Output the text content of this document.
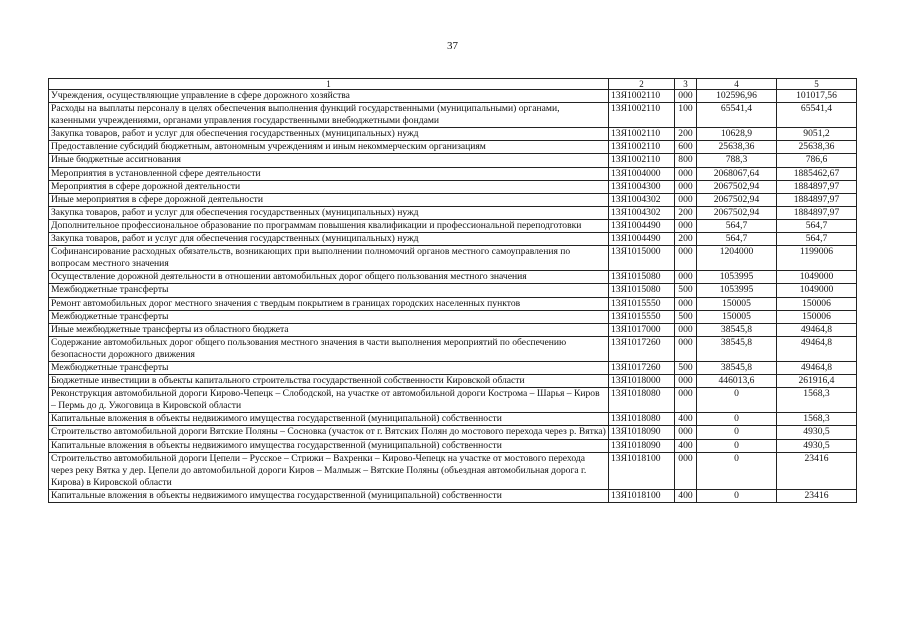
37
1	2	3	4	5
Учреждения, осуществляющие управление в сфере дорожного хозяйства	13Я1002110	000	102596,96	101017,56
Расходы на выплаты персоналу в целях обеспечения выполнения функций государственными (муниципальными) органами, казенными учреждениями, органами управления государственными внебюджетными фондами	13Я1002110	100	65541,4	65541,4
Закупка товаров, работ и услуг для обеспечения государственных (муниципальных) нужд	13Я1002110	200	10628,9	9051,2
Предоставление субсидий бюджетным, автономным учреждениям и иным некоммерческим организациям	13Я1002110	600	25638,36	25638,36
Иные бюджетные ассигнования	13Я1002110	800	788,3	786,6
Мероприятия в установленной сфере деятельности	13Я1004000	000	2068067,64	1885462,67
Мероприятия в сфере дорожной деятельности	13Я1004300	000	2067502,94	1884897,97
Иные мероприятия в сфере дорожной деятельности	13Я1004302	000	2067502,94	1884897,97
Закупка товаров, работ и услуг для обеспечения государственных (муниципальных) нужд	13Я1004302	200	2067502,94	1884897,97
Дополнительное профессиональное образование по программам повышения квалификации и профессиональной переподготовки	13Я1004490	000	564,7	564,7
Закупка товаров, работ и услуг для обеспечения государственных (муниципальных) нужд	13Я1004490	200	564,7	564,7
Софинансирование расходных обязательств, возникающих при выполнении полномочий органов местного самоуправления по вопросам местного значения	13Я1015000	000	1204000	1199006
Осуществление дорожной деятельности в отношении автомобильных дорог общего пользования местного значения	13Я1015080	000	1053995	1049000
Межбюджетные трансферты	13Я1015080	500	1053995	1049000
Ремонт автомобильных дорог местного значения с твердым покрытием в границах городских населенных пунктов	13Я1015550	000	150005	150006
Межбюджетные трансферты	13Я1015550	500	150005	150006
Иные межбюджетные трансферты из областного бюджета	13Я1017000	000	38545,8	49464,8
Содержание автомобильных дорог общего пользования местного значения в части выполнения мероприятий по обеспечению безопасности дорожного движения	13Я1017260	000	38545,8	49464,8
Межбюджетные трансферты	13Я1017260	500	38545,8	49464,8
Бюджетные инвестиции в объекты капитального строительства государственной собственности Кировской области	13Я1018000	000	446013,6	261916,4
Реконструкция автомобильной дороги Кирово-Чепецк – Слободской, на участке от автомобильной дороги Кострома – Шарья – Киров – Пермь до д. Ужоговица в Кировской области	13Я1018080	000	0	1568,3
Капитальные вложения в объекты недвижимого имущества государственной (муниципальной) собственности	13Я1018080	400	0	1568,3
Строительство автомобильной дороги Вятские Поляны – Сосновка (участок от г. Вятских Полян до мостового перехода через р. Вятка)	13Я1018090	000	0	4930,5
Капитальные вложения в объекты недвижимого имущества государственной (муниципальной) собственности	13Я1018090	400	0	4930,5
Строительство автомобильной дороги Цепели – Русское – Стрижи – Вахренки – Кирово-Чепецк на участке от мостового перехода через реку Вятка у дер. Цепели до автомобильной дороги Киров – Малмыж – Вятские Поляны (объездная автомобильная дорога г. Кирова) в Кировской области	13Я1018100	000	0	23416
Капитальные вложения в объекты недвижимого имущества государственной (муниципальной) собственности	13Я1018100	400	0	23416
